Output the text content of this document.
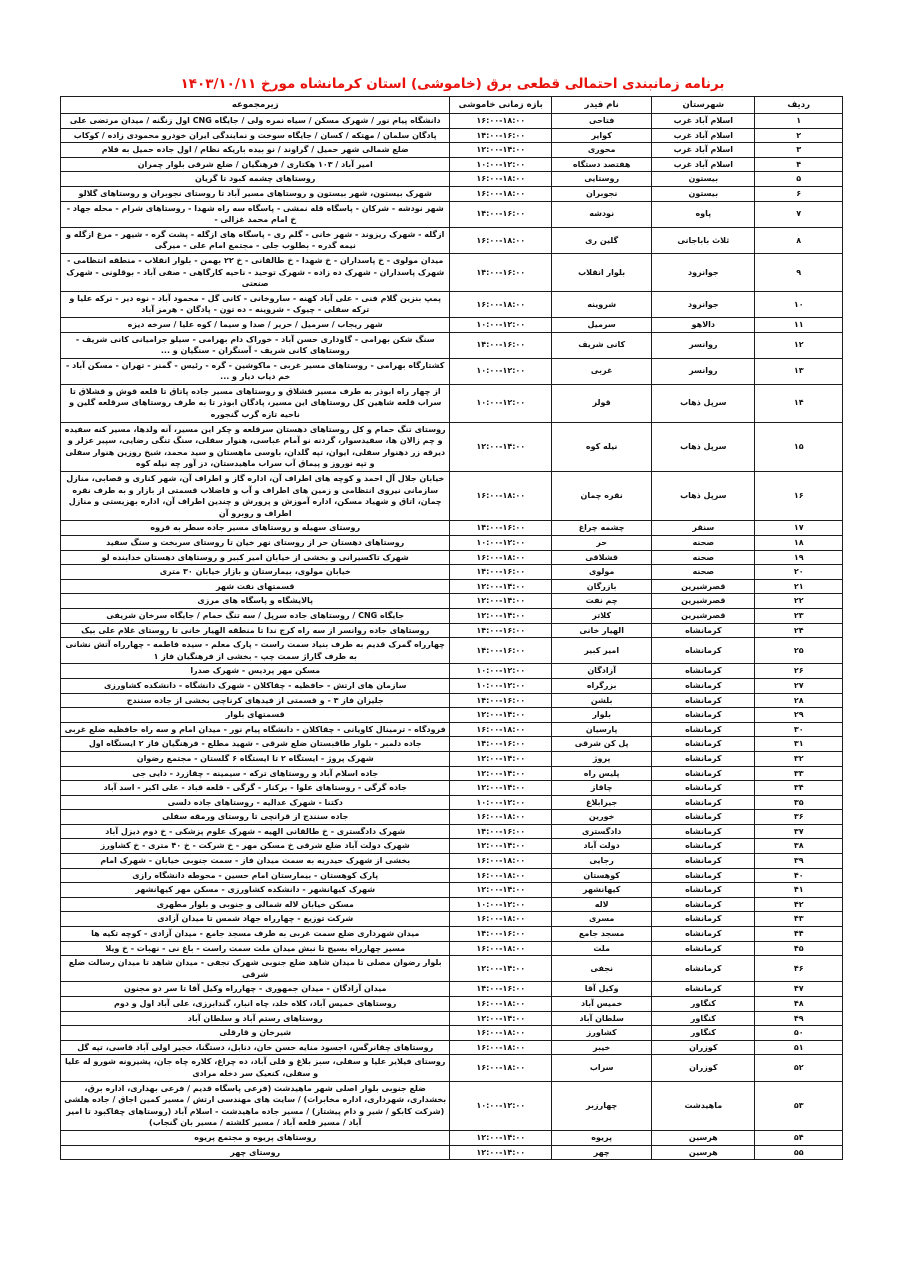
برنامه زمانبندی احتمالی قطعی برق (خاموشی) استان کرمانشاه مورخ ۱۴۰۳/۱۰/۱۱
ردیف	شهرستان	نام فیدر	بازه زمانی خاموشی	زیرمجموعه
۱	اسلام آباد غرب	فتاحی	۱۶:۰۰-۱۸:۰۰	دانشگاه پیام نور / شهرک مسکن / سیاه نمره ولی / جایگاه CNG اول زنگنه / میدان مرتضی علی
۲	اسلام آباد غرب	کوایر	۱۴:۰۰-۱۶:۰۰	پادگان سلمان / مهتکه / کسان / جایگاه سوخت و نمایندگی ایران خودرو محمودی زاده / کوکاب
۳	اسلام آباد غرب	محوری	۱۲:۰۰-۱۴:۰۰	ضلع شمالی شهر حمیل / گراوند / نو بیده باریکه نظام / اول جاده حمیل به فلام
۴	اسلام آباد غرب	هفتصد دستگاه	۱۰:۰۰-۱۲:۰۰	امیر آباد / ۱۰۳ هکتاری / فرهنگیان / ضلع شرقی بلوار چمران
۵	بیستون	روستایی	۱۶:۰۰-۱۸:۰۰	روستاهای چشمه کبود تا گریان
۶	بیستون	نجوبران	۱۶:۰۰-۱۸:۰۰	شهرک بیستون، شهر بیستون و روستاهای مسیر آباد تا روستای نجوبران و روستاهای گلالو
۷	پاوه	نودشه	۱۴:۰۰-۱۶:۰۰	شهر نودشه - شرکان - پاسگاه قله نمشی - پاسگاه سه راه شهدا - روستاهای شرام - محله جهاد - خ امام محمد غزالی -
۸	ثلاث باباجانی	گلین ری	۱۶:۰۰-۱۸:۰۰	ازگله - شهرک ریزوند - شهر خانی - گلم ری - پاسگاه های ازگله - پشت گره - شیهر - مرغ ازگله و نیمه گدره - بطلوب جلی - مجتمع امام علی - میرگی
۹	جوانرود	بلوار انقلاب	۱۴:۰۰-۱۶:۰۰	میدان مولوی - خ پاسداران - خ شهدا - خ طالقانی - خ ۲۲ بهمن - بلوار انقلاب - منطقه انتظامی - شهرک پاسداران - شهرک ده زاده - شهرک توحید - ناحیه کارگاهی - صفی آباد - بوقلونی - شهرک صنعتی
۱۰	جوانرود	شروینه	۱۶:۰۰-۱۸:۰۰	پمپ بنزین گلام فنی - علی آباد کهنه - ساروخانی - کانی گل - محمود آباد - نوه دیر - ترکه علیا و ترکه سفلی - چیوک - شروینه - ده تون - پادگان - هرمز آباد
۱۱	دالاهو	سرمیل	۱۰:۰۰-۱۲:۰۰	شهر ریجاب / سرمیل / حریر / صدا و سیما / کوه علیا / سرخه دیزه
۱۲	روانسر	کانی شریف	۱۴:۰۰-۱۶:۰۰	سنگ شکن بهرامی - گاوداری حسن آباد - خوراک دام بهرامی - سیلو جرامیانی کانی شریف - روستاهای کانی شریف - آسنگران - سنگیان و ...
۱۳	روانسر	غربی	۱۰:۰۰-۱۲:۰۰	کشتارگاه بهرامی - روستاهای مسیر غربی - ماکوشین - گره - رئیس - گمنر - تهران - مسکن آباد - خم دیاب دیار و ...
۱۴	سرپل ذهاب	قولر	۱۰:۰۰-۱۲:۰۰	از چهار راه ابوذر به طرف مسیر قشلاق و روستاهای مسیر جاده پاتاق تا قلعه قوش و قشلاق تا سراب قلعه شاهین کل روستاهای این مسیر، پادگان ابوذر تا به طرف روستاهای سرقلعه گلین و ناحیه تازه گرب گنجوره
۱۵	سرپل ذهاب	نیله کوه	۱۲:۰۰-۱۴:۰۰	روستای تنگ حمام و کل روستاهای دهستان سرقلعه و چکر این مسیر، آنه ولدها، مسیر کنه سفیده و چم زالان ها، سفیدسوار، گردنه نو آمام عباسی، هنوار سفلی، سنگ تنگی رضایی، سپیر عزلر و دیرقه زر دهنوار سفلی، ایوان، تپه گلدان، باوسی ماهستان و سید محمد، شیخ روزین هنوار سفلی و تپه نوروز و پیماق آب سراب ماهیدستان، دز آور چه نیله کوه
۱۶	سرپل ذهاب	نقره چمان	۱۶:۰۰-۱۸:۰۰	خیابان جلال آل احمد و کوچه های اطراف آن، اداره گاز و اطراف آن، شهر کناری و قصابی، منازل سازمانی نیروی انتظامی و زمین های اطراف و آب و فاضلاب قسمتی از بازار و به طرف نقره چمان، اتاق و شهیاد مسکن، اداره آموزش و پرورش و چندین اطراف آن، اداره بهزیستی و منازل اطراف و روبرو آن
۱۷	سنقر	چشمه چراغ	۱۴:۰۰-۱۶:۰۰	روستای سهیله و روستاهای مسیر جاده سطر به قروه
۱۸	صحنه	حر	۱۰:۰۰-۱۲:۰۰	روستاهای دهستان حر از روستای نهر خیان تا روستای سربخت و سنگ سفید
۱۹	صحنه	قشلاقی	۱۶:۰۰-۱۸:۰۰	شهرک تاکسیرانی و بخشی از خیابان امیر کبیر و روستاهای دهستان خدابنده لو
۲۰	صحنه	مولوی	۱۴:۰۰-۱۶:۰۰	خیابان مولوی، بیمارستان و بازار خیابان ۳۰ متری
۲۱	قصرشیرین	بازرگان	۱۲:۰۰-۱۴:۰۰	قسمتهای نفت شهر
۲۲	قصرشیرین	چم نفت	۱۲:۰۰-۱۴:۰۰	پالایشگاه و پاسگاه های مرزی
۲۳	قصرشیرین	کلاتر	۱۲:۰۰-۱۴:۰۰	جایگاه CNG / روستاهای جاده سرپل / سه تنگ حمام / جایگاه سرخان شریفی
۲۴	کرمانشاه	الهیار خانی	۱۴:۰۰-۱۶:۰۰	روستاهای جاده روانسر از سه راه کرج ندا تا منطقه الهیار خانی تا روستای غلام علی بیک
۲۵	کرمانشاه	امیر کبیر	۱۴:۰۰-۱۶:۰۰	چهارراه گمرک قدیم به طرف بنیاد سمت راست - پارک معلم - سیده فاطمه - چهارراه آتش نشانی به طرف گاراژ سمت چپ - بخشی از فرهنگیان فاز ۱
۲۶	کرمانشاه	آزادگان	۱۰:۰۰-۱۲:۰۰	مسکن مهر پردیس - شهرک صدرا
۲۷	کرمانشاه	بزرگراه	۱۰:۰۰-۱۲:۰۰	سازمان های ارتش - حافظیه - چقاکلان - شهرک دانشگاه - دانشکده کشاورزی
۲۸	کرمانشاه	بلشن	۱۴:۰۰-۱۶:۰۰	جلیزان فاز ۳ - و قسمتی از فیدهای کرناچی بخشی از جاده سنندج
۲۹	کرمانشاه	بلوار	۱۲:۰۰-۱۴:۰۰	قسمتهای بلوار
۳۰	کرمانشاه	پارسیان	۱۶:۰۰-۱۸:۰۰	فرودگاه - ترمینال کاویانی - چقاکلان - دانشگاه پیام نور - میدان امام و سه راه حافظیه ضلع غربی
۳۱	کرمانشاه	پل کن شرقی	۱۴:۰۰-۱۶:۰۰	جاده دلمبر - بلوار طاقبستان ضلع شرقی - شهید مطلع - فرهنگیان فاز ۲ ایستگاه اول
۳۲	کرمانشاه	پروژ	۱۲:۰۰-۱۴:۰۰	شهرک پروژ - ایستگاه ۲ تا ایستگاه ۶ گلستان - مجتمع رضوان
۳۳	کرمانشاه	پلیس راه	۱۲:۰۰-۱۴:۰۰	جاده اسلام آباد و روستاهای ترکه - سیمینه - چقازرد - دایی جی
۳۴	کرمانشاه	چاقاز	۱۲:۰۰-۱۴:۰۰	جاده گرگی - روستاهای علوا - برکنار - گرگی - قلعه قباد - علی اکبر - اسد آباد
۳۵	کرمانشاه	جیرابلاغ	۱۰:۰۰-۱۲:۰۰	دکتنا - شهرک عدالیه - روستاهای جاده دلسی
۳۶	کرمانشاه	خورین	۱۶:۰۰-۱۸:۰۰	جاده سنندج از قرانچی تا روستای ورمقه سفلی
۳۷	کرمانشاه	دادگستری	۱۴:۰۰-۱۶:۰۰	شهرک دادگستری - خ طالقانی الهیه - شهرک علوم پزشکی - خ دوم دیزل آباد
۳۸	کرمانشاه	دولت آباد	۱۲:۰۰-۱۴:۰۰	شهرک دولت آباد ضلع شرقی خ مسکن مهر - خ شرکت - خ ۴۰ متری - خ کشاورز
۳۹	کرمانشاه	رجایی	۱۶:۰۰-۱۸:۰۰	بخشی از شهرک حیدریه به سمت میدان فاز - سمت جنوبی خیابان - شهرک امام
۴۰	کرمانشاه	کوهستان	۱۶:۰۰-۱۸:۰۰	پارک کوهستان - بیمارستان امام حسین - محوطه دانشگاه رازی
۴۱	کرمانشاه	کیهانشهر	۱۲:۰۰-۱۴:۰۰	شهرک کیهانشهر - دانشکده کشاورزی - مسکن مهر کیهانشهر
۴۲	کرمانشاه	لاله	۱۰:۰۰-۱۲:۰۰	مسکن خیابان لاله شمالی و جنوبی و بلوار مطهری
۴۳	کرمانشاه	مسری	۱۶:۰۰-۱۸:۰۰	شرکت توزیع - چهارراه جهاد شمس تا میدان آزادی
۴۴	کرمانشاه	مسجد جامع	۱۴:۰۰-۱۶:۰۰	میدان شهرداری ضلع سمت غربی به طرف مسجد جامع - میدان آزادی - کوچه تکیه ها
۴۵	کرمانشاه	ملت	۱۶:۰۰-۱۸:۰۰	مسیر چهارراه بسیج تا نبش میدان ملت سمت راست - باغ نی - نهبات - خ ویلا
۴۶	کرمانشاه	نجفی	۱۲:۰۰-۱۴:۰۰	بلوار رضوان مصلی تا میدان شاهد ضلع جنوبی شهرک نجفی - میدان شاهد تا میدان رسالت ضلع شرقی
۴۷	کرمانشاه	وکیل آقا	۱۴:۰۰-۱۶:۰۰	میدان آزادگان - میدان جمهوری - چهارراه وکیل آقا تا سر دو مجنون
۴۸	کنگاور	خمیس آباد	۱۶:۰۰-۱۸:۰۰	روستاهای خمیس آباد، کلاه خلد، چاه انبار، گندابرزی، علی آباد اول و دوم
۴۹	کنگاور	سلطان آباد	۱۲:۰۰-۱۴:۰۰	روستاهای رستم آباد و سلطان آباد
۵۰	کنگاور	کشاورز	۱۶:۰۰-۱۸:۰۰	شیرخان و قارقلی
۵۱	کوزران	خیبر	۱۶:۰۰-۱۸:۰۰	روستاهای چقانرگس، اجسود منایه حسن خان، دنابل، دستگنا، خجیر اولی آباد قاسی، تپه گل
۵۲	کوزران	سراب	۱۶:۰۰-۱۸:۰۰	روستای فیلایر علیا و سفلی، سبز بلاغ و قلی آباد، ده چراغ، کلاره چاه جان، پشیرونه شورو له علیا و سفلی، کنعیک سر دخله مرادی
۵۳	ماهیدشت	چهارزبر	۱۰:۰۰-۱۲:۰۰	ضلع جنوبی بلوار اصلی شهر ماهیدشت (فرعی پاسگاه قدیم / فرعی بهداری، اداره برق، بخشداری، شهرداری، اداره مخابرات) / سایت های مهندسی ارتش / مسیر کمین اجاق / جاده هلشی (شرکت کابکو / شیر و دام پیشتاز) / مسیر جاده ماهیدشت - اسلام آباد (روستاهای چقاکبود تا امیر آباد / مسیر قلعه آباد / مسیر کلشته / مسیر بان گنجاب)
۵۴	هرسین	پریوه	۱۲:۰۰-۱۴:۰۰	روستاهای پریوه و مجتمع پریوه
۵۵	هرسین	چهر	۱۲:۰۰-۱۴:۰۰	روستای چهر
